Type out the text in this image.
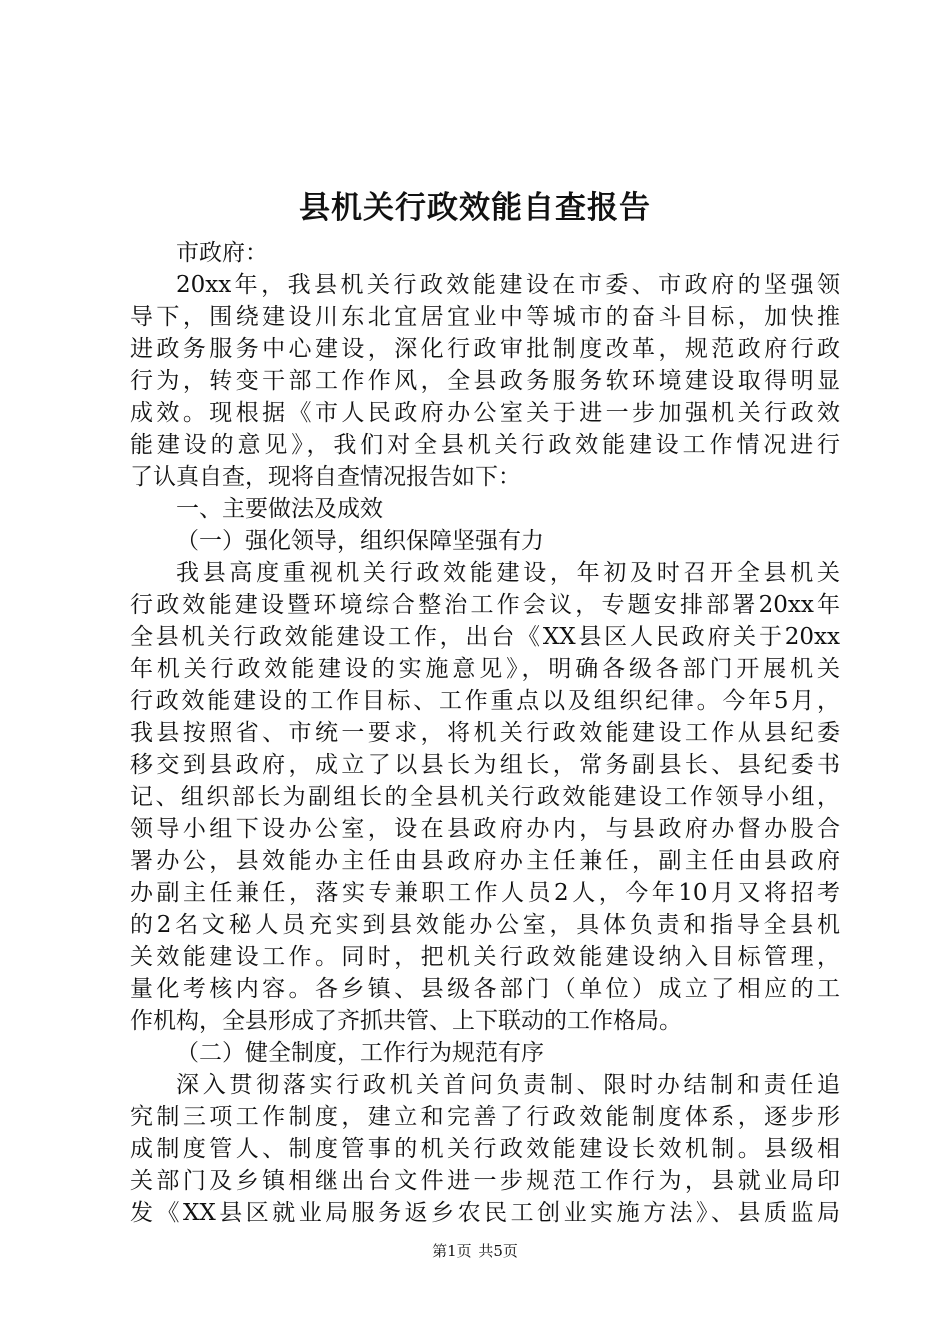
县机关行政效能自查报告
市政府：
20xx年，我县机关行政效能建设在市委、市政府的坚强领
导下，围绕建设川东北宜居宜业中等城市的奋斗目标，加快推
进政务服务中心建设，深化行政审批制度改革，规范政府行政
行为，转变干部工作作风，全县政务服务软环境建设取得明显
成效。现根据《市人民政府办公室关于进一步加强机关行政效
能建设的意见》，我们对全县机关行政效能建设工作情况进行
了认真自查，现将自查情况报告如下：
一、主要做法及成效
（一）强化领导，组织保障坚强有力
我县高度重视机关行政效能建设，年初及时召开全县机关
行政效能建设暨环境综合整治工作会议，专题安排部署20xx年
全县机关行政效能建设工作，出台《XX县区人民政府关于20xx
年机关行政效能建设的实施意见》，明确各级各部门开展机关
行政效能建设的工作目标、工作重点以及组织纪律。今年5月，
我县按照省、市统一要求，将机关行政效能建设工作从县纪委
移交到县政府，成立了以县长为组长，常务副县长、县纪委书
记、组织部长为副组长的全县机关行政效能建设工作领导小组，
领导小组下设办公室，设在县政府办内，与县政府办督办股合
署办公，县效能办主任由县政府办主任兼任，副主任由县政府
办副主任兼任，落实专兼职工作人员2人，今年10月又将招考
的2名文秘人员充实到县效能办公室，具体负责和指导全县机
关效能建设工作。同时，把机关行政效能建设纳入目标管理，
量化考核内容。各乡镇、县级各部门（单位）成立了相应的工
作机构，全县形成了齐抓共管、上下联动的工作格局。
（二）健全制度，工作行为规范有序
深入贯彻落实行政机关首问负责制、限时办结制和责任追
究制三项工作制度，建立和完善了行政效能制度体系，逐步形
成制度管人、制度管事的机关行政效能建设长效机制。县级相
关部门及乡镇相继出台文件进一步规范工作行为，县就业局印
发《XX县区就业局服务返乡农民工创业实施方法》、县质监局
第1页 共5页
